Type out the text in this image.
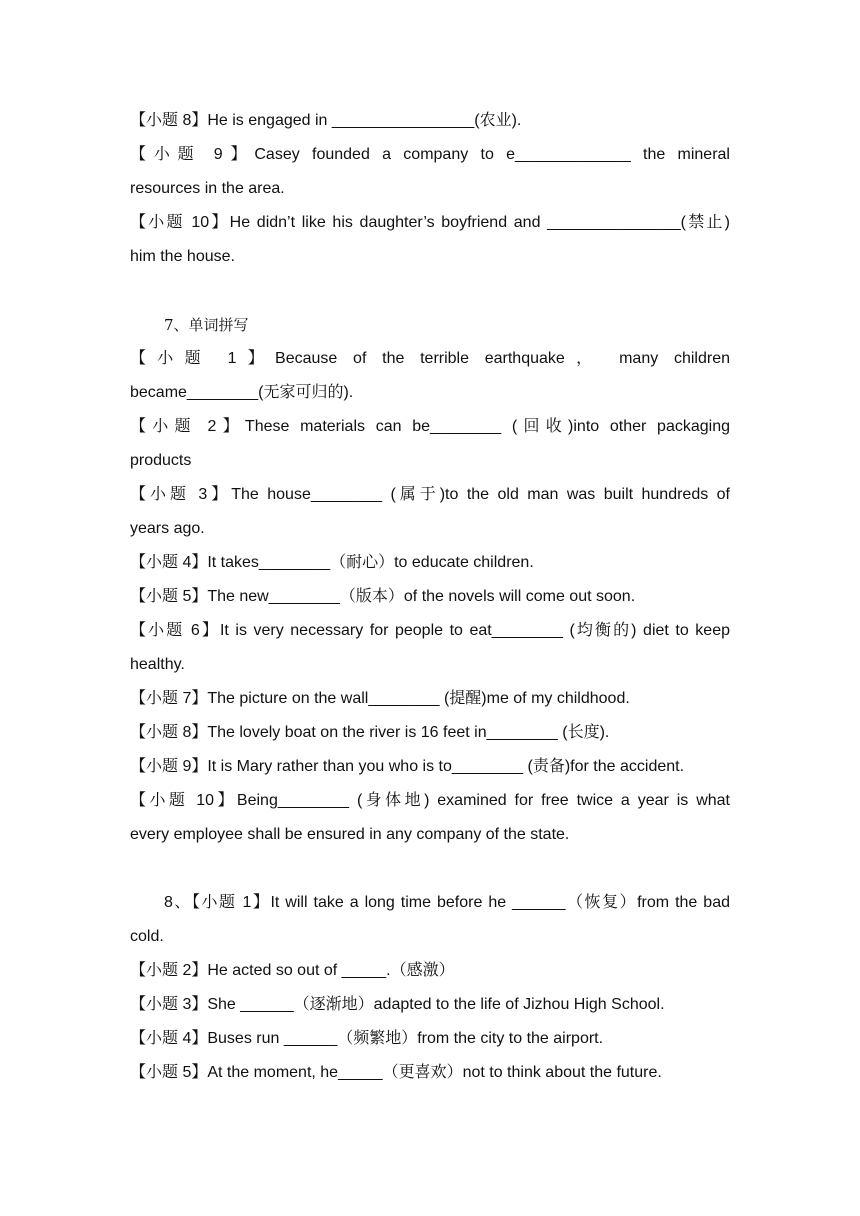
【小题 8】He is engaged in ________________(农业).
【小题 9】Casey founded a company to e_____________ the mineral
resources in the area.
【小题 10】He didn’t like his daughter’s boyfriend and _______________(禁止)
him the house.
7、单词拼写
【小题 1】Because of the terrible earthquake， many children
became________(无家可归的).
【小题 2】These materials can be________ (回收)into other packaging
products
【小题 3】The house________ (属于)to the old man was built hundreds of
years ago.
【小题 4】It takes________（耐心）to educate children.
【小题 5】The new________（版本）of the novels will come out soon.
【小题 6】It is very necessary for people to eat________ (均衡的) diet to keep
healthy.
【小题 7】The picture on the wall________ (提醒)me of my childhood.
【小题 8】The lovely boat on the river is 16 feet in________ (长度).
【小题 9】It is Mary rather than you who is to________ (责备)for the accident.
【小题 10】Being________ (身体地) examined for free twice a year is what
every employee shall be ensured in any company of the state.
8、【小题 1】It will take a long time before he ______（恢复）from the bad
cold.
【小题 2】He acted so out of _____.（感激）
【小题 3】She ______（逐渐地）adapted to the life of Jizhou High School.
【小题 4】Buses run ______（频繁地）from the city to the airport.
【小题 5】At the moment, he_____（更喜欢）not to think about the future.
